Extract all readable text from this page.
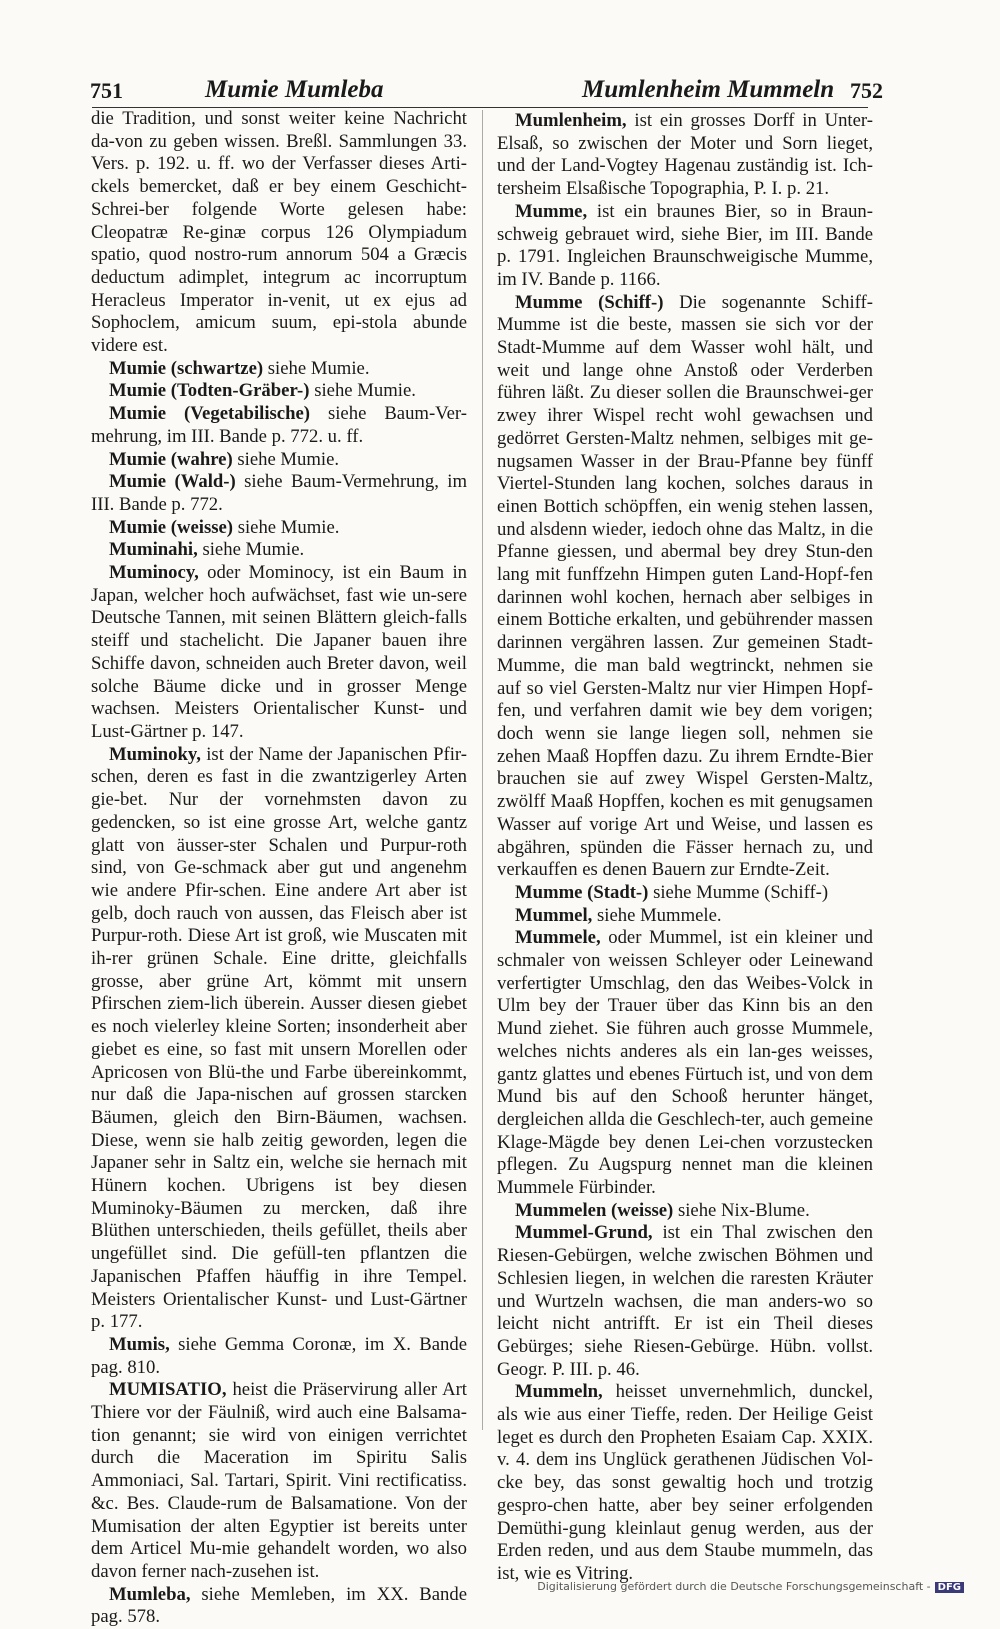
751	Mumie Mumleba	Mumlenheim Mummeln 752

die Tradition, und sonst weiter keine Nachricht da-von zu geben wissen. Breßl. Sammlungen 33. Vers. p. 192. u. ff. wo der Verfasser dieses Arti-ckels bemercket, daß er bey einem Geschicht-Schrei-ber folgende Worte gelesen habe: Cleopatræ Re-ginæ corpus 126 Olympiadum spatio, quod nostro-rum annorum 504 a Græcis deductum adimplet, integrum ac incorruptum Heracleus Imperator in-venit, ut ex ejus ad Sophoclem, amicum suum, epi-stola abunde videre est.

Mumie (schwartze) siehe Mumie.

Mumie (Todten-Gräber-) siehe Mumie.

Mumie (Vegetabilische) siehe Baum-Ver-mehrung, im III. Bande p. 772. u. ff.

Mumie (wahre) siehe Mumie.

Mumie (Wald-) siehe Baum-Vermehrung, im III. Bande p. 772.

Mumie (weisse) siehe Mumie.

Muminahi, siehe Mumie.

Muminocy, oder Mominocy, ist ein Baum in Japan, welcher hoch aufwächset, fast wie un-sere Deutsche Tannen, mit seinen Blättern gleich-falls steiff und stachelicht. Die Japaner bauen ihre Schiffe davon, schneiden auch Breter davon, weil solche Bäume dicke und in grosser Menge wachsen. Meisters Orientalischer Kunst- und Lust-Gärtner p. 147.

Muminoky, ist der Name der Japanischen Pfir-schen, deren es fast in die zwantzigerley Arten gie-bet. Nur der vornehmsten davon zu gedencken, so ist eine grosse Art, welche gantz glatt von äusser-ster Schalen und Purpur-roth sind, von Ge-schmack aber gut und angenehm wie andere Pfir-schen. Eine andere Art aber ist gelb, doch rauch von aussen, das Fleisch aber ist Purpur-roth. Diese Art ist groß, wie Muscaten mit ih-rer grünen Schale. Eine dritte, gleichfalls grosse, aber grüne Art, kömmt mit unsern Pfirschen ziem-lich überein. Ausser diesen giebet es noch vielerley kleine Sorten; insonderheit aber giebet es eine, so fast mit unsern Morellen oder Apricosen von Blü-the und Farbe übereinkommt, nur daß die Japa-nischen auf grossen starcken Bäumen, gleich den Birn-Bäumen, wachsen. Diese, wenn sie halb zeitig geworden, legen die Japaner sehr in Saltz ein, welche sie hernach mit Hünern kochen. Ubrigens ist bey diesen Muminoky-Bäumen zu mercken, daß ihre Blüthen unterschieden, theils gefüllet, theils aber ungefüllet sind. Die gefüll-ten pflantzen die Japanischen Pfaffen häuffig in ihre Tempel. Meisters Orientalischer Kunst- und Lust-Gärtner p. 177.

Mumis, siehe Gemma Coronæ, im X. Bande pag. 810.

MUMISATIO, heist die Präservirung aller Art Thiere vor der Fäulniß, wird auch eine Balsama-tion genannt; sie wird von einigen verrichtet durch die Maceration im Spiritu Salis Ammoniaci, Sal. Tartari, Spirit. Vini rectificatiss. &c. Bes. Claude-rum de Balsamatione. Von der Mumisation der alten Egyptier ist bereits unter dem Articel Mu-mie gehandelt worden, wo also davon ferner nach-zusehen ist.

Mumleba, siehe Memleben, im XX. Bande pag. 578.

Mumlenheim, ist ein grosses Dorff in Unter-Elsaß, so zwischen der Moter und Sorn lieget, und der Land-Vogtey Hagenau zuständig ist. Ich-tersheim Elsaßische Topographia, P. I. p. 21.

Mumme, ist ein braunes Bier, so in Braun-schweig gebrauet wird, siehe Bier, im III. Bande p. 1791. Ingleichen Braunschweigische Mumme, im IV. Bande p. 1166.

Mumme (Schiff-) Die sogenannte Schiff-Mumme ist die beste, massen sie sich vor der Stadt-Mumme auf dem Wasser wohl hält, und weit und lange ohne Anstoß oder Verderben führen läßt. Zu dieser sollen die Braunschwei-ger zwey ihrer Wispel recht wohl gewachsen und gedörret Gersten-Maltz nehmen, selbiges mit ge-nugsamen Wasser in der Brau-Pfanne bey fünff Viertel-Stunden lang kochen, solches daraus in einen Bottich schöpffen, ein wenig stehen lassen, und alsdenn wieder, iedoch ohne das Maltz, in die Pfanne giessen, und abermal bey drey Stun-den lang mit funffzehn Himpen guten Land-Hopf-fen darinnen wohl kochen, hernach aber selbiges in einem Bottiche erkalten, und gebührender massen darinnen vergähren lassen. Zur gemeinen Stadt-Mumme, die man bald wegtrinckt, nehmen sie auf so viel Gersten-Maltz nur vier Himpen Hopf-fen, und verfahren damit wie bey dem vorigen; doch wenn sie lange liegen soll, nehmen sie zehen Maaß Hopffen dazu. Zu ihrem Erndte-Bier brauchen sie auf zwey Wispel Gersten-Maltz, zwölff Maaß Hopffen, kochen es mit genugsamen Wasser auf vorige Art und Weise, und lassen es abgähren, spünden die Fässer hernach zu, und verkauffen es denen Bauern zur Erndte-Zeit.

Mumme (Stadt-) siehe Mumme (Schiff-)

Mummel, siehe Mummele.

Mummele, oder Mummel, ist ein kleiner und schmaler von weissen Schleyer oder Leinewand verfertigter Umschlag, den das Weibes-Volck in Ulm bey der Trauer über das Kinn bis an den Mund ziehet. Sie führen auch grosse Mummele, welches nichts anderes als ein lan-ges weisses, gantz glattes und ebenes Fürtuch ist, und von dem Mund bis auf den Schooß herunter hänget, dergleichen allda die Geschlech-ter, auch gemeine Klage-Mägde bey denen Lei-chen vorzustecken pflegen. Zu Augspurg nennet man die kleinen Mummele Fürbinder.

Mummelen (weisse) siehe Nix-Blume.

Mummel-Grund, ist ein Thal zwischen den Riesen-Gebürgen, welche zwischen Böhmen und Schlesien liegen, in welchen die raresten Kräuter und Wurtzeln wachsen, die man anders-wo so leicht nicht antrifft. Er ist ein Theil dieses Gebürges; siehe Riesen-Gebürge. Hübn. vollst. Geogr. P. III. p. 46.

Mummeln, heisset unvernehmlich, dunckel, als wie aus einer Tieffe, reden. Der Heilige Geist leget es durch den Propheten Esaiam Cap. XXIX. v. 4. dem ins Unglück gerathenen Jüdischen Vol-cke bey, das sonst gewaltig hoch und trotzig gespro-chen hatte, aber bey seiner erfolgenden Demüthi-gung kleinlaut genug werden, aus der Erden reden, und aus dem Staube mummeln, das ist, wie es Vitring.

Digitalisierung gefördert durch die Deutsche Forschungsgemeinschaft - DFG
